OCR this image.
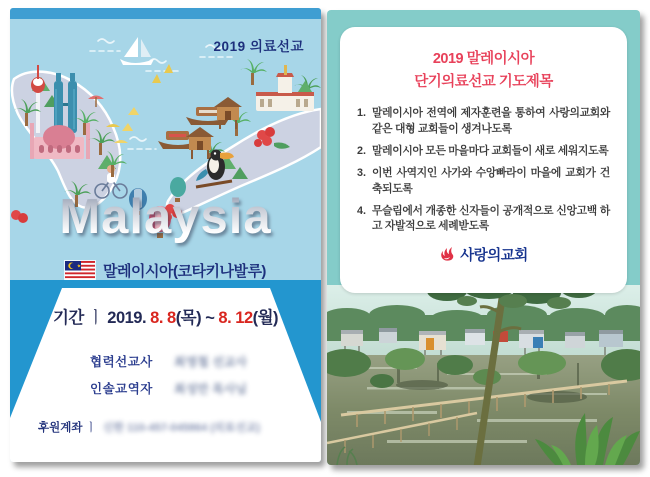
2019 의료선교
Malaysia
말레이시아(코타키나발루)
기간 ㅣ 2019. 8. 8(목) ~ 8. 12(월)
협력선교사	최영철 선교사
인솔교역자	최성만 목사님
후원계좌 ㅣ 신한 110-457-045864 (의료선교)
2019 말레이시아
단기의료선교 기도제목
1. 말레이시아 전역에 제자훈련을 통하여 사랑의교회와 같은 대형 교회들이 생겨나도록
2. 말레이시아 모든 마을마다 교회들이 새로 세워지도록
3. 이번 사역지인 사가와 수앙빠라이 마을에 교회가 건축되도록
4. 무슬림에서 개종한 신자들이 공개적으로 신앙고백 하고 자발적으로 세례받도록
사랑의교회
